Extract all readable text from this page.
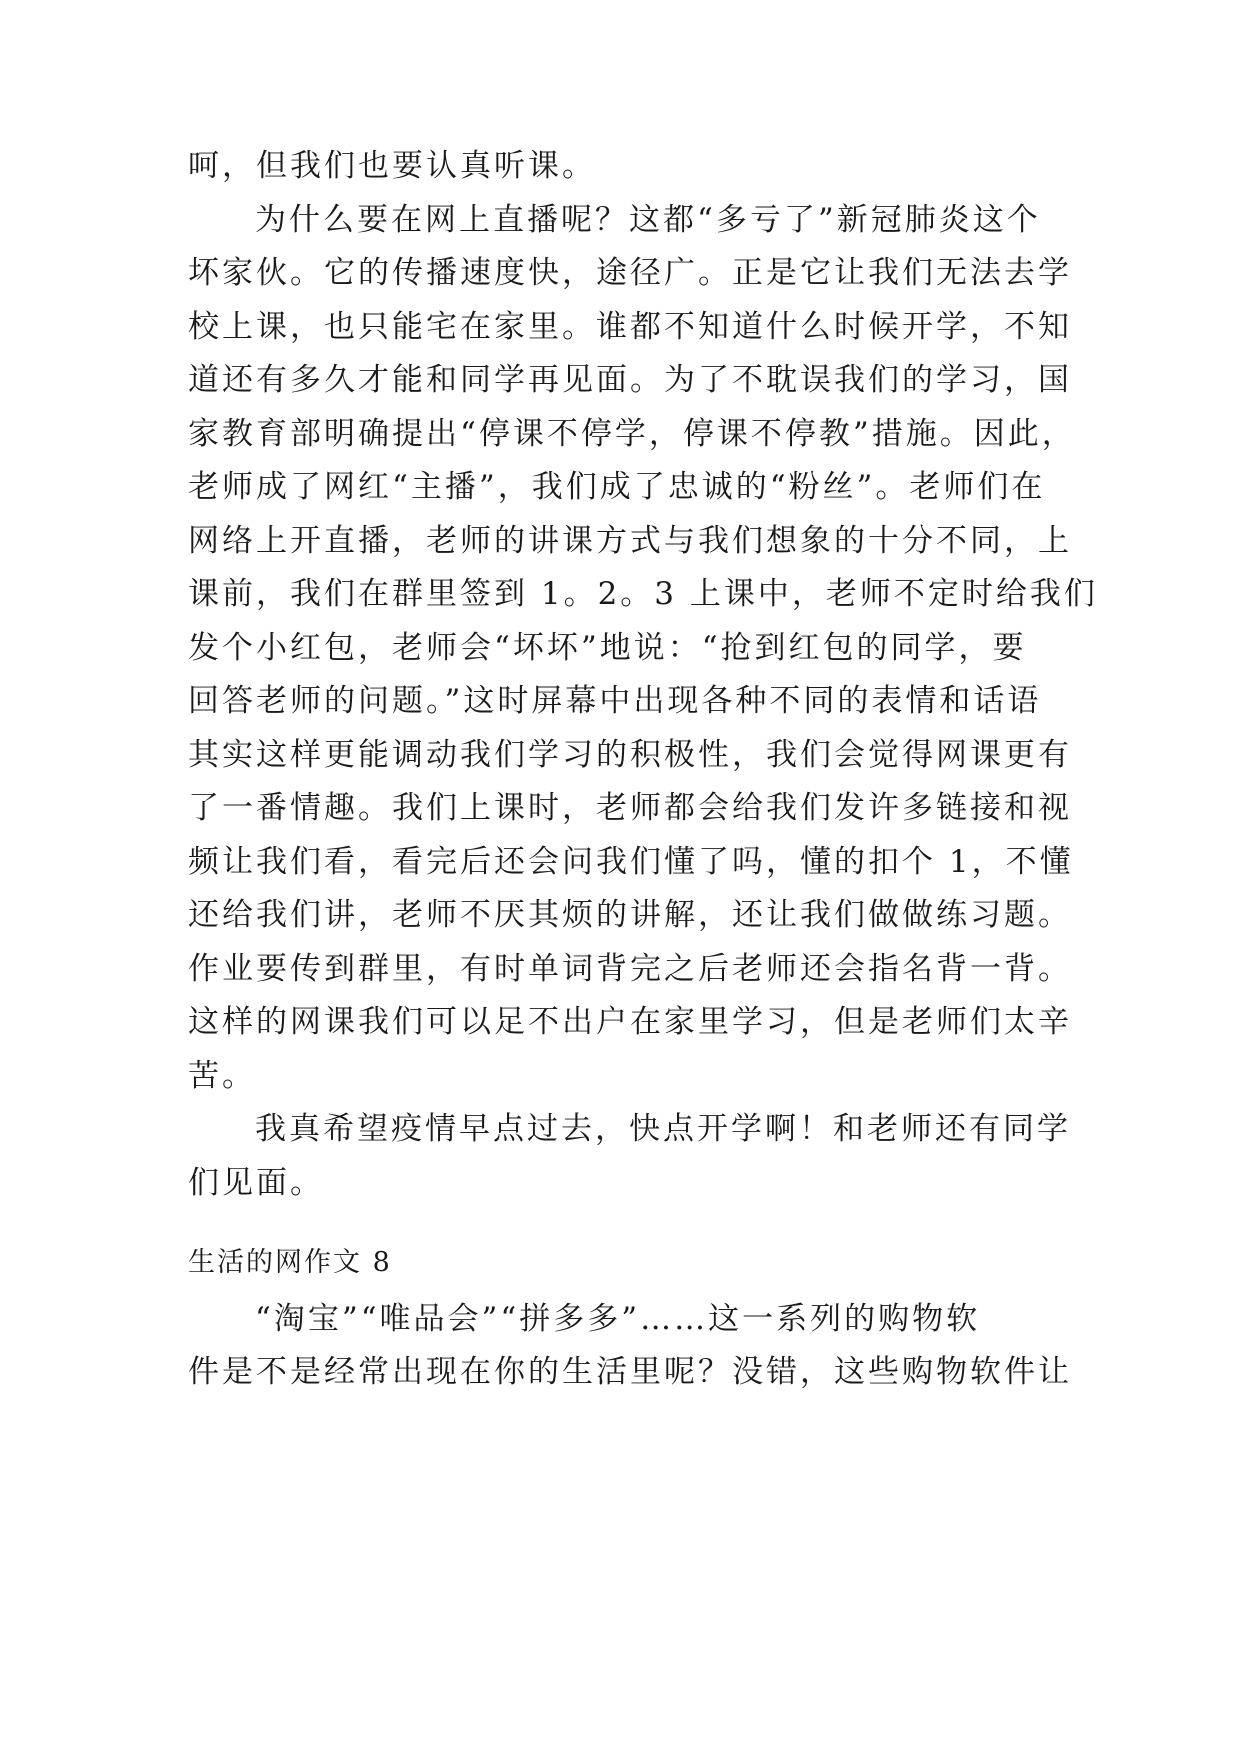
呵，但我们也要认真听课。
为什么要在网上直播呢？这都“多亏了”新冠肺炎这个
坏家伙。它的传播速度快，途径广。正是它让我们无法去学
校上课，也只能宅在家里。谁都不知道什么时候开学，不知
道还有多久才能和同学再见面。为了不耽误我们的学习，国
家教育部明确提出“停课不停学，停课不停教”措施。因此，
老师成了网红“主播”，我们成了忠诚的“粉丝”。老师们在
网络上开直播，老师的讲课方式与我们想象的十分不同，上
课前，我们在群里签到 1。2。3 上课中，老师不定时给我们
发个小红包，老师会“坏坏”地说：“抢到红包的同学，要
回答老师的问题。”这时屏幕中出现各种不同的表情和话语
其实这样更能调动我们学习的积极性，我们会觉得网课更有
了一番情趣。我们上课时，老师都会给我们发许多链接和视
频让我们看，看完后还会问我们懂了吗，懂的扣个 1，不懂
还给我们讲，老师不厌其烦的讲解，还让我们做做练习题。
作业要传到群里，有时单词背完之后老师还会指名背一背。
这样的网课我们可以足不出户在家里学习，但是老师们太辛
苦。
我真希望疫情早点过去，快点开学啊！和老师还有同学
们见面。
生活的网作文 8
“淘宝”“唯品会”“拼多多”……这一系列的购物软
件是不是经常出现在你的生活里呢？没错，这些购物软件让
